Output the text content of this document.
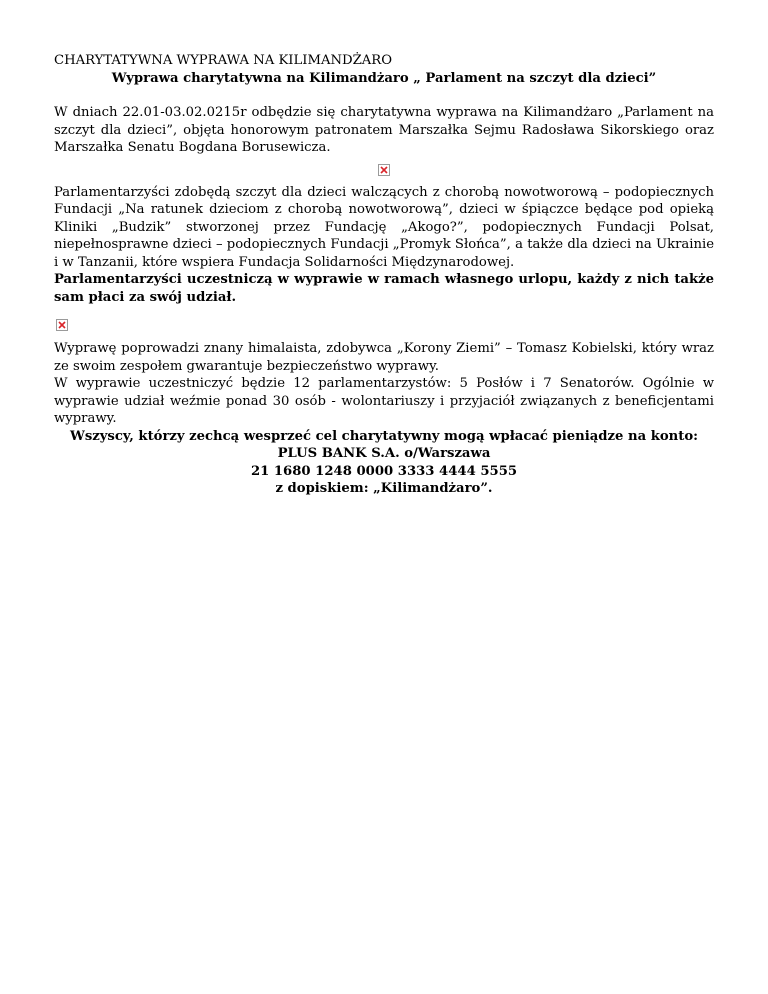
CHARYTATYWNA WYPRAWA NA KILIMANDŻARO
Wyprawa charytatywna na Kilimandżaro „ Parlament na szczyt dla dzieci”

W dniach 22.01-03.02.0215r odbędzie się charytatywna wyprawa na Kilimandżaro „Parlament na szczyt dla dzieci”, objęta honorowym patronatem Marszałka Sejmu Radosława Sikorskiego oraz Marszałka Senatu Bogdana Borusewicza.

Parlamentarzyści zdobędą szczyt dla dzieci walczących z chorobą nowotworową – podopiecznych Fundacji „Na ratunek dzieciom z chorobą nowotworową”, dzieci w śpiączce będące pod opieką Kliniki „Budzik” stworzonej przez Fundację „Akogo?”, podopiecznych Fundacji Polsat, niepełnosprawne dzieci – podopiecznych Fundacji „Promyk Słońca”, a także dla dzieci na Ukrainie i w Tanzanii, które wspiera Fundacja Solidarności Międzynarodowej.

Parlamentarzyści uczestniczą w wyprawie w ramach własnego urlopu, każdy z nich także sam płaci za swój udział.

Wyprawę poprowadzi znany himalaista, zdobywca „Korony Ziemi” – Tomasz Kobielski, który wraz ze swoim zespołem gwarantuje bezpieczeństwo wyprawy.

W wyprawie uczestniczyć będzie 12 parlamentarzystów: 5 Posłów i 7 Senatorów. Ogólnie w wyprawie udział weźmie ponad 30 osób - wolontariuszy i przyjaciół związanych z beneficjentami wyprawy.

Wszyscy, którzy zechcą wesprzeć cel charytatywny mogą wpłacać pieniądze na konto: PLUS BANK S.A. o/Warszawa
21 1680 1248 0000 3333 4444 5555
z dopiskiem: „Kilimandżaro”.
